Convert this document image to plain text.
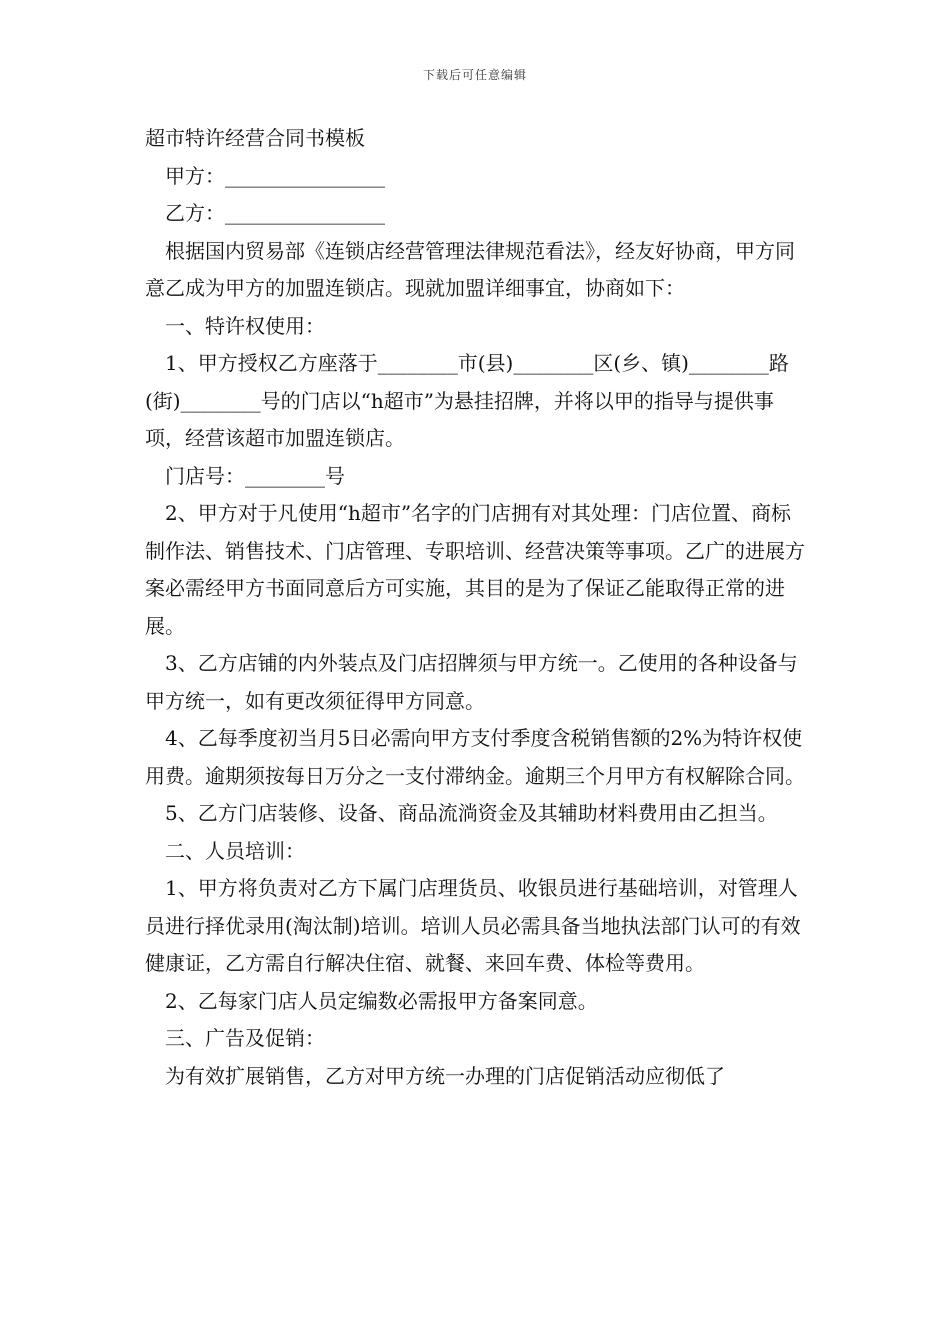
下载后可任意编辑

超市特许经营合同书模板

　甲方：________________

　乙方：________________

　根据国内贸易部《连锁店经营管理法律规范看法》，经友好协商，甲方同意乙成为甲方的加盟连锁店。现就加盟详细事宜，协商如下：

　一、特许权使用：

　1、甲方授权乙方座落于________市(县)________区(乡、镇)________路(街)________号的门店以“h超市”为悬挂招牌，并将以甲的指导与提供事项，经营该超市加盟连锁店。

　门店号：________号

　2、甲方对于凡使用“h超市”名字的门店拥有对其处理：门店位置、商标制作法、销售技术、门店管理、专职培训、经营决策等事项。乙广的进展方案必需经甲方书面同意后方可实施，其目的是为了保证乙能取得正常的进展。

　3、乙方店铺的内外装点及门店招牌须与甲方统一。乙使用的各种设备与甲方统一，如有更改须征得甲方同意。

　4、乙每季度初当月5日必需向甲方支付季度含税销售额的2%为特许权使用费。逾期须按每日万分之一支付滞纳金。逾期三个月甲方有权解除合同。

　5、乙方门店装修、设备、商品流淌资金及其辅助材料费用由乙担当。

　二、人员培训：

　1、甲方将负责对乙方下属门店理货员、收银员进行基础培训，对管理人员进行择优录用(淘汰制)培训。培训人员必需具备当地执法部门认可的有效健康证，乙方需自行解决住宿、就餐、来回车费、体检等费用。

　2、乙每家门店人员定编数必需报甲方备案同意。

　三、广告及促销：

　为有效扩展销售，乙方对甲方统一办理的门店促销活动应彻低了
